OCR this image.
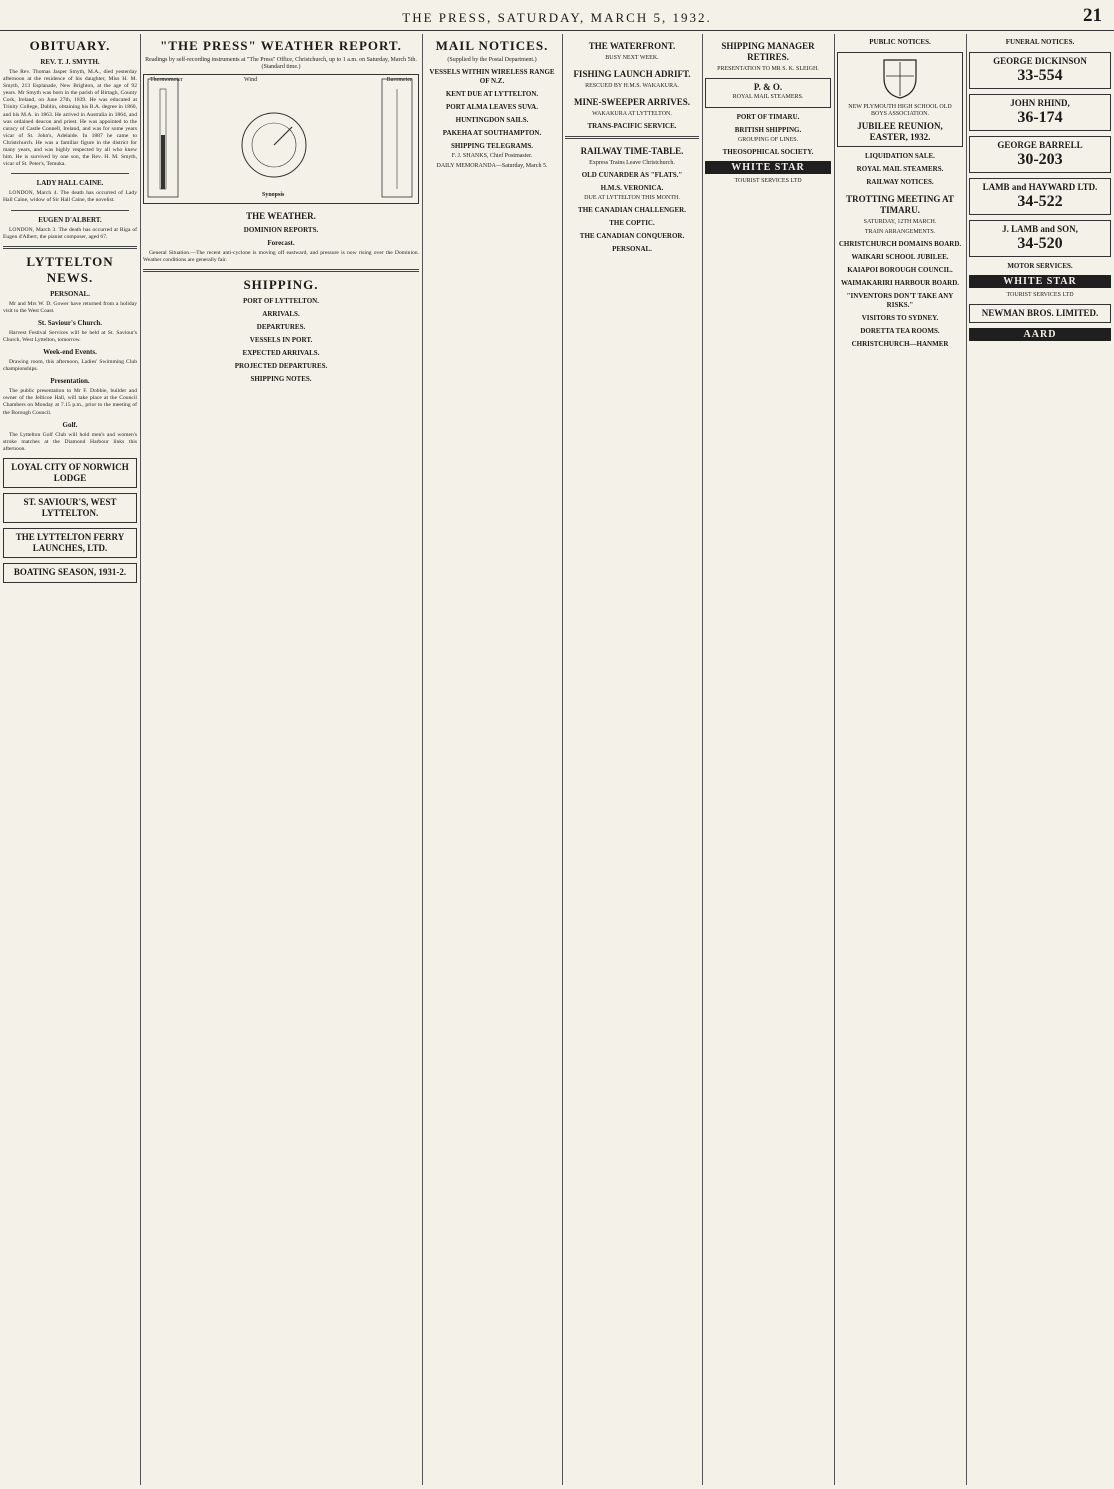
THE PRESS, SATURDAY, MARCH 5, 1932.	21
OBITUARY.
REV. T. J. SMYTH.

The Rev. Thomas Jasper Smyth, M.A., died yesterday afternoon at the residence of his daughter, Miss H. M. Smyth, 213 Esplanade, New Brighton, at the age of 92 years. Mr Smyth was born in the parish of Birtagh, County Cork, Ireland, on June 27th, 1839. He was educated at Trinity College, Dublin, obtaining his B.A. degree in 1860, and his M.A. in 1863. He arrived in Australia in 1864, and was ordained deacon and priest. He was appointed to the curacy of Castle Connell, Ireland, and was for some years vicar of St. John's, Adelaide. In 1887 he came to Christchurch. He was a familiar figure in the district for many years, and was highly respected by all who knew him. He is survived by one son, the Rev. H. M. Smyth, vicar of St. Peter's, Temuka.

LADY HALL CAINE.

LONDON, March 4. The death has occurred of Lady Hall Caine, widow of Sir Hall Caine, the novelist.

EUGEN D'ALBERT.

LONDON, March 3. The death has occurred at Riga of Eugen d'Albert, the pianist composer, aged 67.

LYTTELTON NEWS.
PERSONAL.

Mr and Mrs W. D. Gower have returned from a holiday visit to the West Coast.

St. Saviour's Church.

Harvest Festival Services will be held at St. Saviour's Church, West Lyttelton, tomorrow.

Week-end Events.

Drawing room, this afternoon, Ladies' Swimming Club championships.

Presentation.

The public presentation to Mr F. Dobbie, builder and owner of the Jellicoe Hall, will take place at the Council Chambers on Monday at 7.15 p.m., prior to the meeting of the Borough Council.

Golf.

The Lyttelton Golf Club will hold men's and women's stroke matches at the Diamond Harbour links this afternoon.

LOYAL CITY OF NORWICH LODGE
ST. SAVIOUR'S, WEST LYTTELTON.
THE LYTTELTON FERRY LAUNCHES, LTD.
BOATING SEASON, 1931-2.
"THE PRESS" WEATHER REPORT.
Readings by self-recording instruments at "The Press" Office, Christchurch, up to 1 a.m. on Saturday, March 5th. (Standard time.)
Thermometer	Wind	Barometer
Synopsis
THE WEATHER.
DOMINION REPORTS.
Forecast.

General Situation.—The recent anti-cyclone is moving off eastward, and pressure is now rising over the Dominion. Weather conditions are generally fair.

SHIPPING.
PORT OF LYTTELTON.
ARRIVALS.
DEPARTURES.
VESSELS IN PORT.
EXPECTED ARRIVALS.
PROJECTED DEPARTURES.
SHIPPING NOTES.
MAIL NOTICES.
(Supplied by the Postal Department.)
VESSELS WITHIN WIRELESS RANGE OF N.Z.
KENT DUE AT LYTTELTON.
PORT ALMA LEAVES SUVA.
HUNTINGDON SAILS.
PAKEHA AT SOUTHAMPTON.
SHIPPING TELEGRAMS.
F. J. SHANKS, Chief Postmaster.
DAILY MEMORANDA—Saturday, March 5.
THE WATERFRONT.
BUSY NEXT WEEK.
FISHING LAUNCH ADRIFT.
RESCUED BY H.M.S. WAKAKURA.
MINE-SWEEPER ARRIVES.
WAKAKURA AT LYTTELTON.
TRANS-PACIFIC SERVICE.
RAILWAY TIME-TABLE.
Express Trains Leave Christchurch.
OLD CUNARDER AS "FLATS."
H.M.S. VERONICA.
DUE AT LYTTELTON THIS MONTH.
THE CANADIAN CHALLENGER.
THE COPTIC.
THE CANADIAN CONQUEROR.
PERSONAL.
SHIPPING MANAGER RETIRES.
PRESENTATION TO MR S. K. SLEIGH.
P. & O.
ROYAL MAIL STEAMERS.
PORT OF TIMARU.
BRITISH SHIPPING.
GROUPING OF LINES.
THEOSOPHICAL SOCIETY.
WHITE STAR
TOURIST SERVICES LTD
PUBLIC NOTICES.
NEW PLYMOUTH HIGH SCHOOL OLD BOYS ASSOCIATION.
JUBILEE REUNION, EASTER, 1932.
LIQUIDATION SALE.
ROYAL MAIL STEAMERS.
RAILWAY NOTICES.
TROTTING MEETING AT TIMARU.
SATURDAY, 12TH MARCH.
TRAIN ARRANGEMENTS.
CHRISTCHURCH DOMAINS BOARD.
WAIKARI SCHOOL JUBILEE.
KAIAPOI BOROUGH COUNCIL.
WAIMAKARIRI HARBOUR BOARD.
"INVENTORS DON'T TAKE ANY RISKS."
VISITORS TO SYDNEY.
DORETTA TEA ROOMS.
CHRISTCHURCH—HANMER
FUNERAL NOTICES.
GEORGE DICKINSON
33-554
JOHN RHIND,
36-174
GEORGE BARRELL
30-203
LAMB and HAYWARD LTD.
34-522
J. LAMB and SON,
34-520
MOTOR SERVICES.
WHITE STAR
TOURIST SERVICES LTD
NEWMAN BROS. LIMITED.
AARD
